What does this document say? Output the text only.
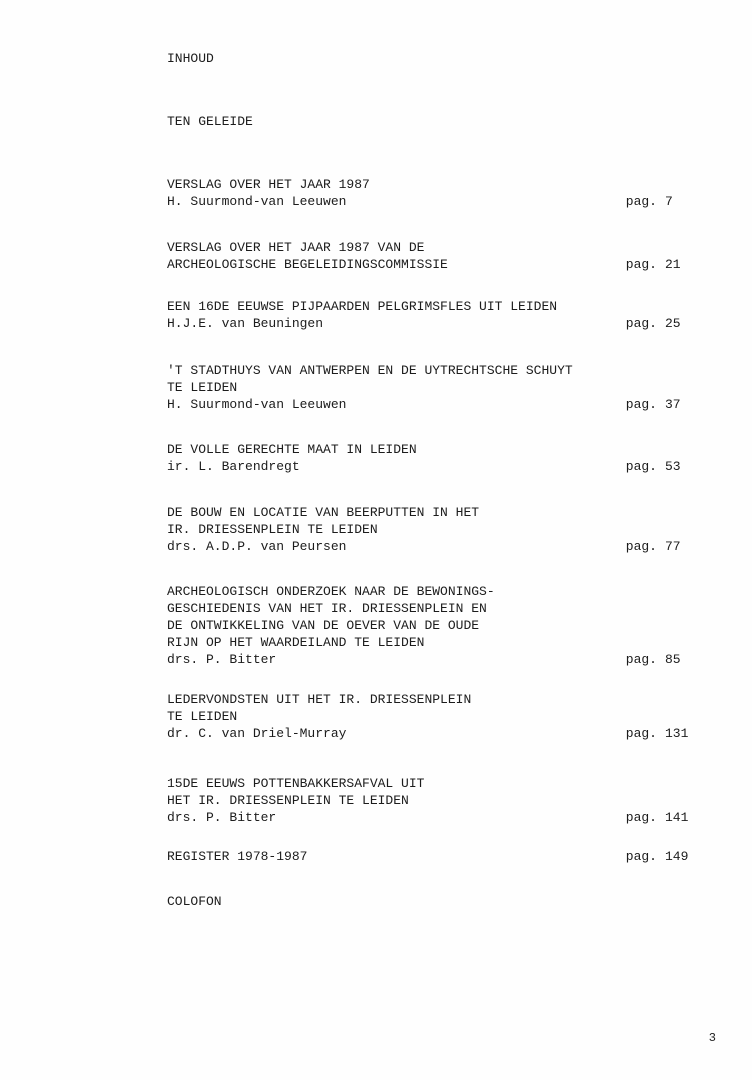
INHOUD
TEN GELEIDE
VERSLAG OVER HET JAAR 1987
H. Suurmond-van Leeuwen	pag. 7
VERSLAG OVER HET JAAR 1987 VAN DE
ARCHEOLOGISCHE BEGELEIDINGSCOMMISSIE	pag. 21
EEN 16DE EEUWSE PIJPAARDEN PELGRIMSFLES UIT LEIDEN
H.J.E. van Beuningen	pag. 25
'T STADTHUYS VAN ANTWERPEN EN DE UYTRECHTSCHE SCHUYT
TE LEIDEN
H. Suurmond-van Leeuwen	pag. 37
DE VOLLE GERECHTE MAAT IN LEIDEN
ir. L. Barendregt	pag. 53
DE BOUW EN LOCATIE VAN BEERPUTTEN IN HET
IR. DRIESSENPLEIN TE LEIDEN
drs. A.D.P. van Peursen	pag. 77
ARCHEOLOGISCH ONDERZOEK NAAR DE BEWONINGS-
GESCHIEDENIS VAN HET IR. DRIESSENPLEIN EN
DE ONTWIKKELING VAN DE OEVER VAN DE OUDE
RIJN OP HET WAARDEILAND TE LEIDEN
drs. P. Bitter	pag. 85
LEDERVONDSTEN UIT HET IR. DRIESSENPLEIN
TE LEIDEN
dr. C. van Driel-Murray	pag. 131
15DE EEUWS POTTENBAKKERSAFVAL UIT
HET IR. DRIESSENPLEIN TE LEIDEN
drs. P. Bitter	pag. 141
REGISTER 1978-1987	pag. 149
COLOFON
3
